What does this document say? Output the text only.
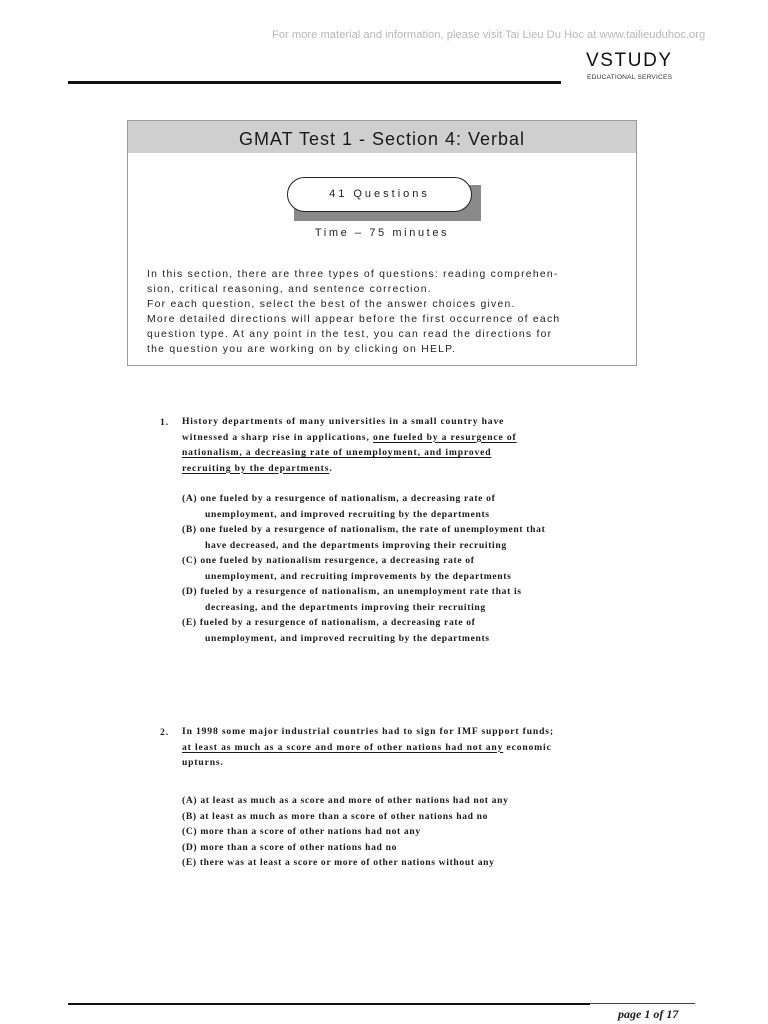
For more material and information, please visit Tai Lieu Du Hoc at www.tailieuduhoc.org
VSTUDY
EDUCATIONAL SERVICES
GMAT Test 1 - Section 4: Verbal
41 Questions
Time – 75 minutes
In this section, there are three types of questions: reading comprehen-
sion, critical reasoning, and sentence correction.
For each question, select the best of the answer choices given.
More detailed directions will appear before the first occurrence of each
question type. At any point in the test, you can read the directions for
the question you are working on by clicking on HELP.
1. History departments of many universities in a small country have
witnessed a sharp rise in applications, one fueled by a resurgence of
nationalism, a decreasing rate of unemployment, and improved
recruiting by the departments.
(A) one fueled by a resurgence of nationalism, a decreasing rate of
unemployment, and improved recruiting by the departments
(B) one fueled by a resurgence of nationalism, the rate of unemployment that
have decreased, and the departments improving their recruiting
(C) one fueled by nationalism resurgence, a decreasing rate of
unemployment, and recruiting improvements by the departments
(D) fueled by a resurgence of nationalism, an unemployment rate that is
decreasing, and the departments improving their recruiting
(E) fueled by a resurgence of nationalism, a decreasing rate of
unemployment, and improved recruiting by the departments
2. In 1998 some major industrial countries had to sign for IMF support funds;
at least as much as a score and more of other nations had not any economic
upturns.
(A) at least as much as a score and more of other nations had not any
(B) at least as much as more than a score of other nations had no
(C) more than a score of other nations had not any
(D) more than a score of other nations had no
(E) there was at least a score or more of other nations without any
page 1 of 17
